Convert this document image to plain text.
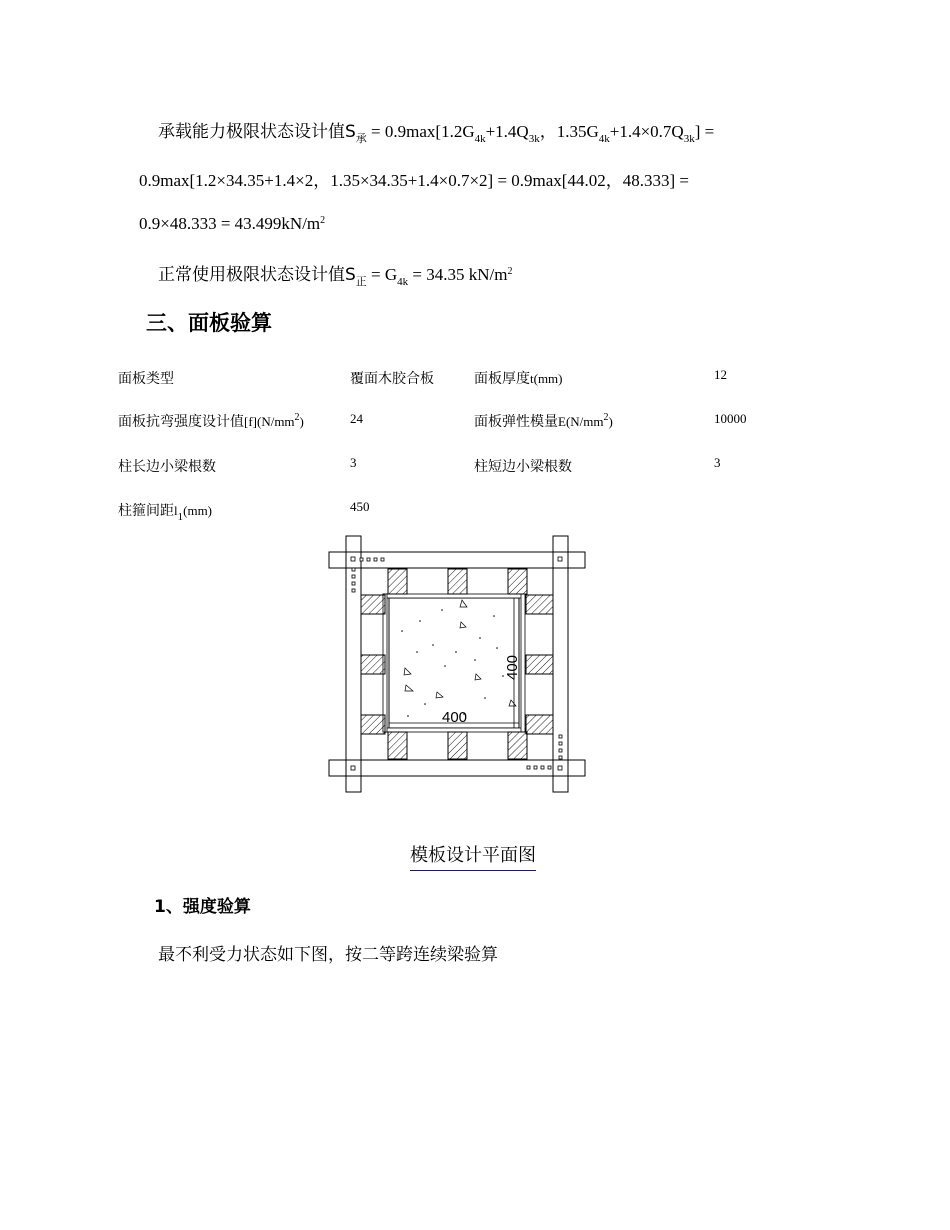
承载能力极限状态设计值$S_承 = 0.9\max[1.2G_{4k}+1.4Q_{3k}$，$1.35G_{4k}+1.4\times 0.7Q_{3k}$] =
0.9max[1.2×34.35+1.4×2，1.35×34.35+1.4×0.7×2] = 0.9max[44.02，48.333] =
$0.9\times 48.333 = 43.499kN/m^2$
正常使用极限状态设计值$S_正 = G_{4k} = 34.35$ $kN/m^2$
三、面板验算
面板类型	覆面木胶合板	面板厚度t(mm)	12
面板抗弯强度设计值$[f](N/mm^2)$	24	面板弹性模量$E(N/mm^2)$	10000
柱长边小梁根数	3	柱短边小梁根数	3
柱箍间距$l_1(mm)$	450
400
400
模板设计平面图
1、强度验算
最不利受力状态如下图，按二等跨连续梁验算
